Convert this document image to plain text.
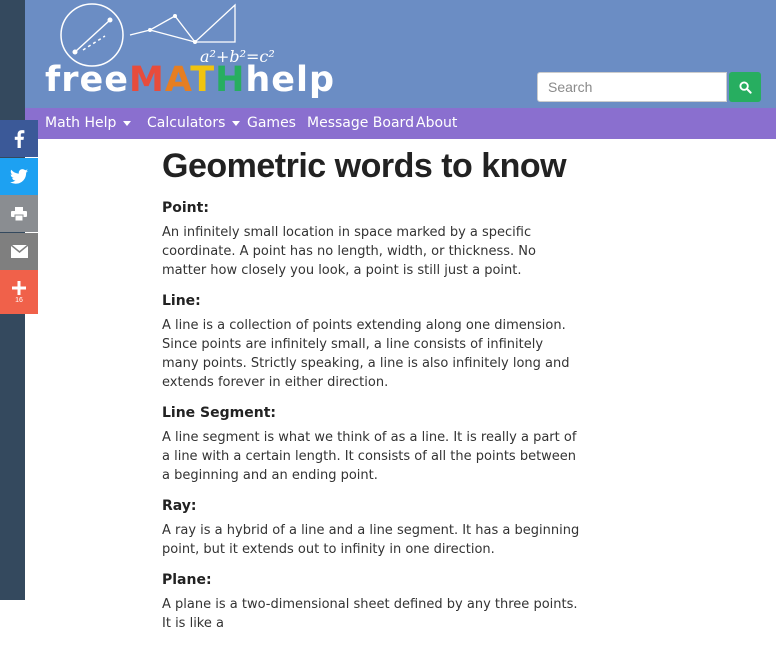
a²+b²=c²
freeMATHhelp
Search
Math Help	Calculators	Games Message Board About
16
Geometric words to know

Point:

An infinitely small location in space marked by a specific coordinate. A point has no length, width, or thickness. No matter how closely you look, a point is still just a point.

Line:

A line is a collection of points extending along one dimension. Since points are infinitely small, a line consists of infinitely many points. Strictly speaking, a line is also infinitely long and extends forever in either direction.

Line Segment:

A line segment is what we think of as a line. It is really a part of a line with a certain length. It consists of all the points between a beginning and an ending point.

Ray:

A ray is a hybrid of a line and a line segment. It has a beginning point, but it extends out to infinity in one direction.

Plane:

A plane is a two-dimensional sheet defined by any three points. It is like a
